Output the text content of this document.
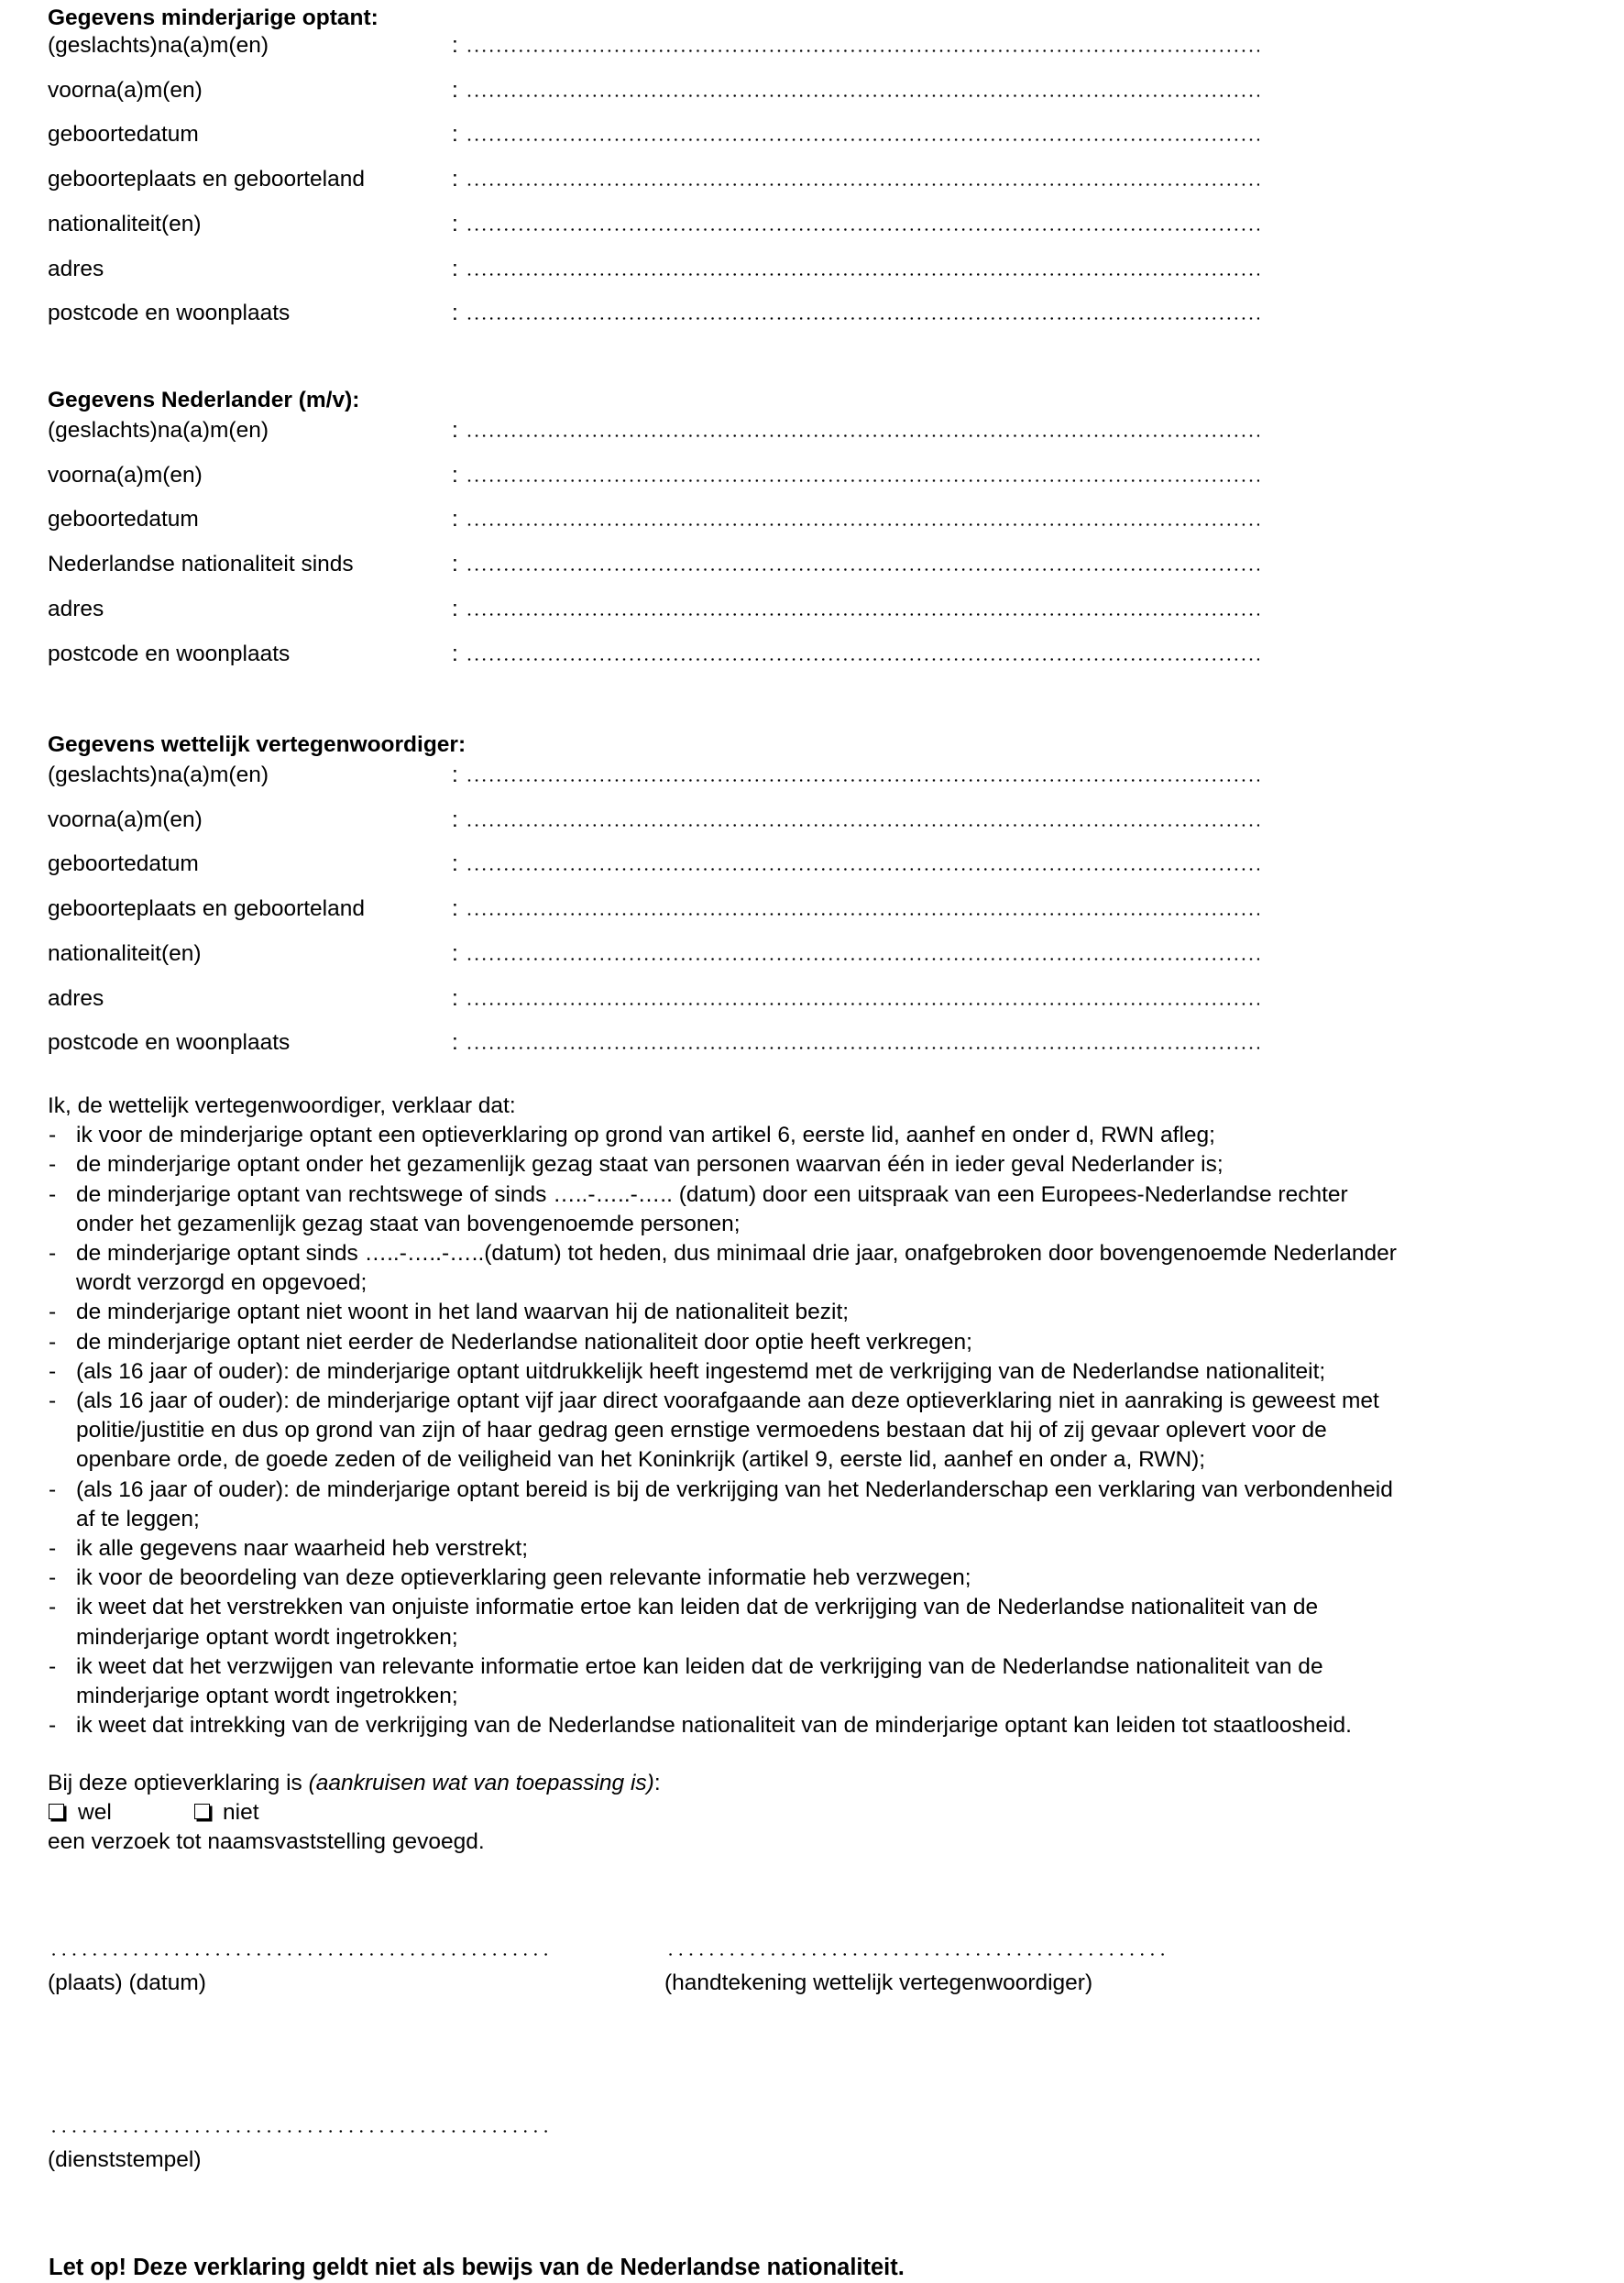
Gegevens minderjarige optant:
(geslachts)na(a)m(en)	:
voorna(a)m(en)	:
geboortedatum	:
geboorteplaats en geboorteland	:
nationaliteit(en)	:
adres	:
postcode en woonplaats	:
Gegevens Nederlander (m/v):
(geslachts)na(a)m(en)	:
voorna(a)m(en)	:
geboortedatum	:
Nederlandse nationaliteit sinds	:
adres	:
postcode en woonplaats	:
Gegevens wettelijk vertegenwoordiger:
(geslachts)na(a)m(en)	:
voorna(a)m(en)	:
geboortedatum	:
geboorteplaats en geboorteland	:
nationaliteit(en)	:
adres	:
postcode en woonplaats	:
Ik, de wettelijk vertegenwoordiger, verklaar dat:
- ik voor de minderjarige optant een optieverklaring op grond van artikel 6, eerste lid, aanhef en onder d, RWN afleg;
- de minderjarige optant onder het gezamenlijk gezag staat van personen waarvan één in ieder geval Nederlander is;
- de minderjarige optant van rechtswege of sinds …..-…..-….. (datum) door een uitspraak van een Europees-Nederlandse rechter
onder het gezamenlijk gezag staat van bovengenoemde personen;
- de minderjarige optant sinds …..-…..-…..(datum) tot heden, dus minimaal drie jaar, onafgebroken door bovengenoemde Nederlander
wordt verzorgd en opgevoed;
- de minderjarige optant niet woont in het land waarvan hij de nationaliteit bezit;
- de minderjarige optant niet eerder de Nederlandse nationaliteit door optie heeft verkregen;
- (als 16 jaar of ouder): de minderjarige optant uitdrukkelijk heeft ingestemd met de verkrijging van de Nederlandse nationaliteit;
- (als 16 jaar of ouder): de minderjarige optant vijf jaar direct voorafgaande aan deze optieverklaring niet in aanraking is geweest met
politie/justitie en dus op grond van zijn of haar gedrag geen ernstige vermoedens bestaan dat hij of zij gevaar oplevert voor de
openbare orde, de goede zeden of de veiligheid van het Koninkrijk (artikel 9, eerste lid, aanhef en onder a, RWN);
- (als 16 jaar of ouder): de minderjarige optant bereid is bij de verkrijging van het Nederlanderschap een verklaring van verbondenheid
af te leggen;
- ik alle gegevens naar waarheid heb verstrekt;
- ik voor de beoordeling van deze optieverklaring geen relevante informatie heb verzwegen;
- ik weet dat het verstrekken van onjuiste informatie ertoe kan leiden dat de verkrijging van de Nederlandse nationaliteit van de
minderjarige optant wordt ingetrokken;
- ik weet dat het verzwijgen van relevante informatie ertoe kan leiden dat de verkrijging van de Nederlandse nationaliteit van de
minderjarige optant wordt ingetrokken;
- ik weet dat intrekking van de verkrijging van de Nederlandse nationaliteit van de minderjarige optant kan leiden tot staatloosheid.
Bij deze optieverklaring is (aankruisen wat van toepassing is):
wel	niet
een verzoek tot naamsvaststelling gevoegd.
(plaats) (datum)	(handtekening wettelijk vertegenwoordiger)
(dienststempel)
Let op! Deze verklaring geldt niet als bewijs van de Nederlandse nationaliteit.
